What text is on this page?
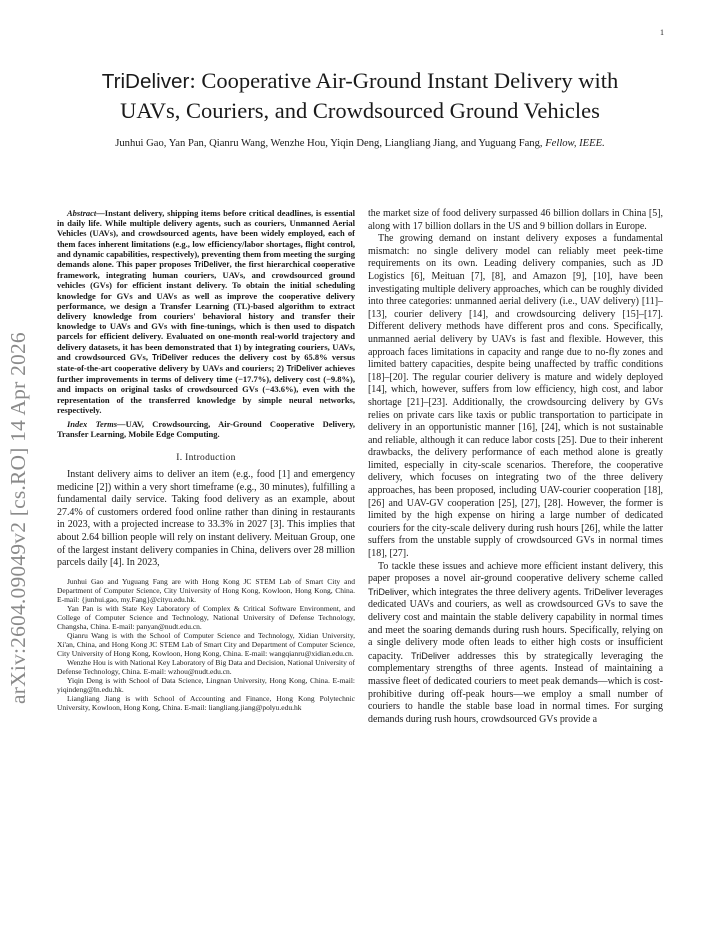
1
arXiv:2604.09049v2 [cs.RO] 14 Apr 2026
TriDeliver: Cooperative Air-Ground Instant Delivery with UAVs, Couriers, and Crowdsourced Ground Vehicles
Junhui Gao, Yan Pan, Qianru Wang, Wenzhe Hou, Yiqin Deng, Liangliang Jiang, and Yuguang Fang, Fellow, IEEE.

Abstract—Instant delivery, shipping items before critical deadlines, is essential in daily life. While multiple delivery agents, such as couriers, Unmanned Aerial Vehicles (UAVs), and crowdsourced agents, have been widely employed, each of them faces inherent limitations (e.g., low efficiency/labor shortages, flight control, and dynamic capabilities, respectively), preventing them from meeting the surging demands alone. This paper proposes TriDeliver, the first hierarchical cooperative framework, integrating human couriers, UAVs, and crowdsourced ground vehicles (GVs) for efficient instant delivery. To obtain the initial scheduling knowledge for GVs and UAVs as well as improve the cooperative delivery performance, we design a Transfer Learning (TL)-based algorithm to extract delivery knowledge from couriers' behavioral history and transfer their knowledge to UAVs and GVs with fine-tunings, which is then used to dispatch parcels for efficient delivery. Evaluated on one-month real-world trajectory and delivery datasets, it has been demonstrated that 1) by integrating couriers, UAVs, and crowdsourced GVs, TriDeliver reduces the delivery cost by 65.8% versus state-of-the-art cooperative delivery by UAVs and couriers; 2) TriDeliver achieves further improvements in terms of delivery time (−17.7%), delivery cost (−9.8%), and impacts on original tasks of crowdsourced GVs (−43.6%), even with the representation of the transferred knowledge by simple neural networks, respectively.

Index Terms—UAV, Crowdsourcing, Air-Ground Cooperative Delivery, Transfer Learning, Mobile Edge Computing.

I. Introduction

Instant delivery aims to deliver an item (e.g., food [1] and emergency medicine [2]) within a very short timeframe (e.g., 30 minutes), fulfilling a fundamental daily service. Taking food delivery as an example, about 27.4% of customers ordered food online rather than dining in restaurants in 2023, with a projected increase to 33.3% in 2027 [3]. This implies that about 2.64 billion people will rely on instant delivery. Meituan Group, one of the largest instant delivery companies in China, delivers over 28 million parcels daily [4]. In 2023,

Junhui Gao and Yuguang Fang are with Hong Kong JC STEM Lab of Smart City and Department of Computer Science, City University of Hong Kong, Kowloon, Hong Kong, China. E-mail: {junhui.gao, my.Fang}@cityu.edu.hk.

Yan Pan is with State Key Laboratory of Complex & Critical Software Environment, and College of Computer Science and Technology, National University of Defense Technology, Changsha, China. E-mail: panyan@nudt.edu.cn.

Qianru Wang is with the School of Computer Science and Technology, Xidian University, Xi'an, China, and Hong Kong JC STEM Lab of Smart City and Department of Computer Science, City University of Hong Kong, Kowloon, Hong Kong, China. E-mail: wangqianru@xidian.edu.cn.

Wenzhe Hou is with National Key Laboratory of Big Data and Decision, National University of Defense Technology, China. E-mail: wzhou@nudt.edu.cn.

Yiqin Deng is with School of Data Science, Lingnan University, Hong Kong, China. E-mail: yiqindeng@ln.edu.hk.

Liangliang Jiang is with School of Accounting and Finance, Hong Kong Polytechnic University, Kowloon, Hong Kong, China. E-mail: liangliang.jiang@polyu.edu.hk

the market size of food delivery surpassed 46 billion dollars in China [5], along with 17 billion dollars in the US and 9 billion dollars in Europe.

The growing demand on instant delivery exposes a fundamental mismatch: no single delivery model can reliably meet peek-time requirements on its own. Leading delivery companies, such as JD Logistics [6], Meituan [7], [8], and Amazon [9], [10], have been investigating multiple delivery approaches, which can be roughly divided into three categories: unmanned aerial delivery (i.e., UAV delivery) [11]–[13], courier delivery [14], and crowdsourcing delivery [15]–[17]. Different delivery methods have different pros and cons. Specifically, unmanned aerial delivery by UAVs is fast and flexible. However, this approach faces limitations in capacity and range due to no-fly zones and limited battery capacities, despite being unaffected by traffic conditions [18]–[20]. The regular courier delivery is mature and widely deployed [14], which, however, suffers from low efficiency, high cost, and labor shortage [21]–[23]. Additionally, the crowdsourcing delivery by GVs relies on private cars like taxis or public transportation to participate in delivery in an opportunistic manner [16], [24], which is not sustainable and reliable, although it can reduce labor costs [25]. Due to their inherent drawbacks, the delivery performance of each method alone is greatly limited, especially in city-scale scenarios. Therefore, the cooperative delivery, which focuses on integrating two of the three delivery approaches, has been proposed, including UAV-courier cooperation [18], [26] and UAV-GV cooperation [25], [27], [28]. However, the former is limited by the high expense on hiring a large number of dedicated couriers for the city-scale delivery during rush hours [26], while the latter suffers from the unstable supply of crowdsourced GVs in normal times [18], [27].

To tackle these issues and achieve more efficient instant delivery, this paper proposes a novel air-ground cooperative delivery scheme called TriDeliver, which integrates the three delivery agents. TriDeliver leverages dedicated UAVs and couriers, as well as crowdsourced GVs to save the delivery cost and maintain the stable delivery capability in normal times and meet the soaring demands during rush hours. Specifically, relying on a single delivery mode often leads to either high costs or insufficient capacity. TriDeliver addresses this by strategically leveraging the complementary strengths of three agents. Instead of maintaining a massive fleet of dedicated couriers to meet peak demands—which is cost-prohibitive during off-peak hours—we employ a small number of couriers to handle the stable base load in normal times. For surging demands during rush hours, crowdsourced GVs provide a
